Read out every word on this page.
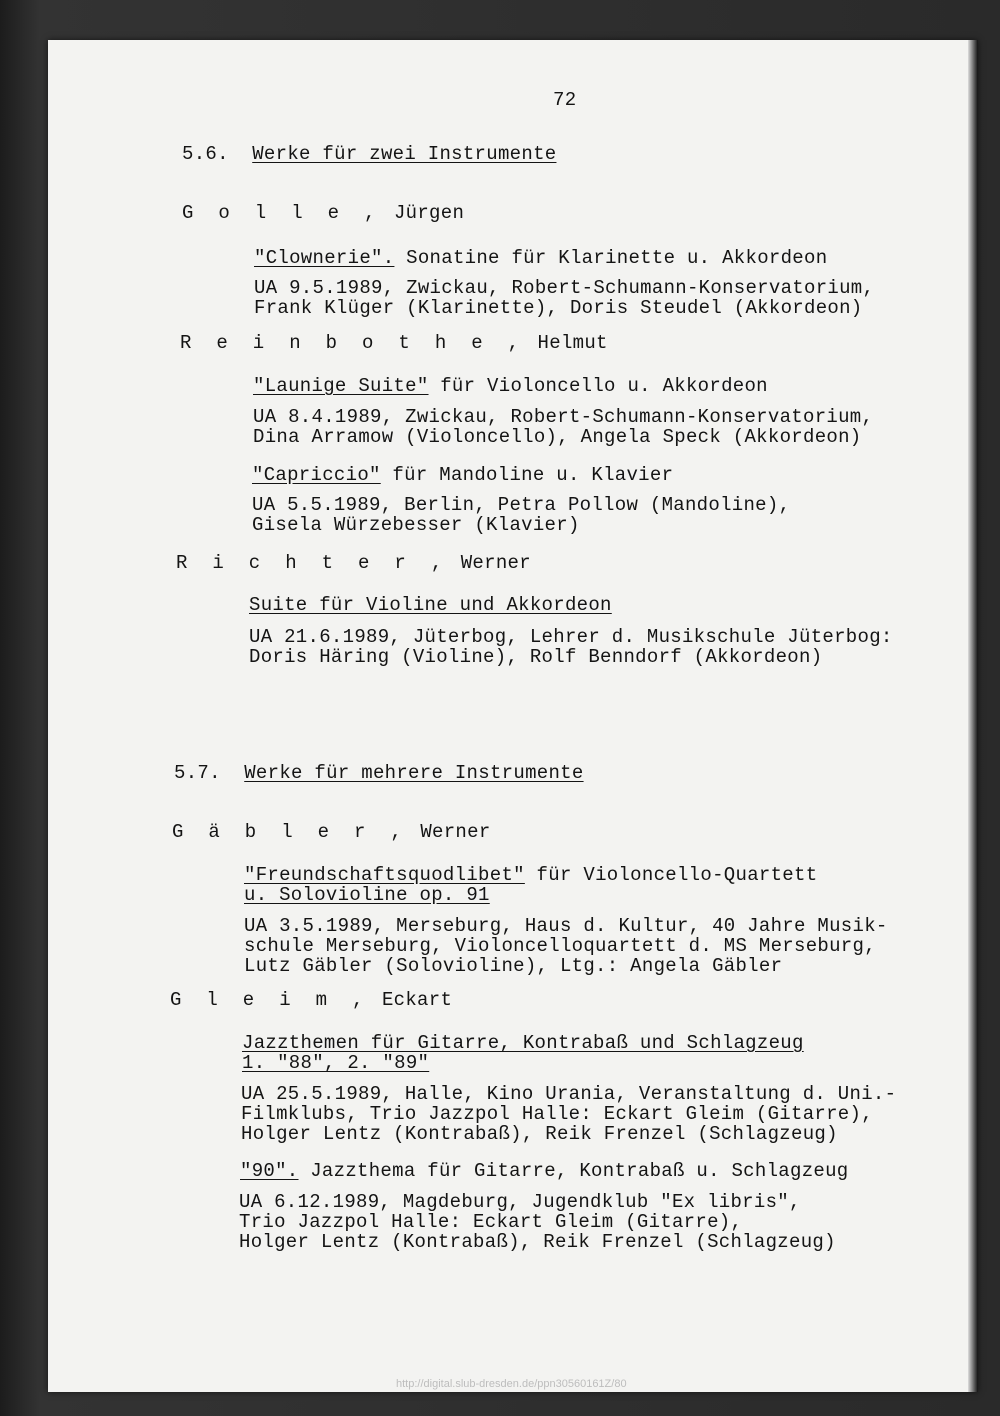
72
5.6. Werke für zwei Instrumente
G o l l e , Jürgen
"Clownerie". Sonatine für Klarinette u. Akkordeon
UA 9.5.1989, Zwickau, Robert-Schumann-Konservatorium,
Frank Klüger (Klarinette), Doris Steudel (Akkordeon)
R e i n b o t h e , Helmut
"Launige Suite" für Violoncello u. Akkordeon
UA 8.4.1989, Zwickau, Robert-Schumann-Konservatorium,
Dina Arramow (Violoncello), Angela Speck (Akkordeon)
"Capriccio" für Mandoline u. Klavier
UA 5.5.1989, Berlin, Petra Pollow (Mandoline),
Gisela Würzebesser (Klavier)
R i c h t e r , Werner
Suite für Violine und Akkordeon
UA 21.6.1989, Jüterbog, Lehrer d. Musikschule Jüterbog:
Doris Häring (Violine), Rolf Benndorf (Akkordeon)
5.7. Werke für mehrere Instrumente
G ä b l e r , Werner
"Freundschaftsquodlibet" für Violoncello-Quartett
u. Solovioline op. 91
UA 3.5.1989, Merseburg, Haus d. Kultur, 40 Jahre Musik-
schule Merseburg, Violoncelloquartett d. MS Merseburg,
Lutz Gäbler (Solovioline), Ltg.: Angela Gäbler
G l e i m , Eckart
Jazzthemen für Gitarre, Kontrabaß und Schlagzeug
1. "88", 2. "89"
UA 25.5.1989, Halle, Kino Urania, Veranstaltung d. Uni.-
Filmklubs, Trio Jazzpol Halle: Eckart Gleim (Gitarre),
Holger Lentz (Kontrabaß), Reik Frenzel (Schlagzeug)
"90". Jazzthema für Gitarre, Kontrabaß u. Schlagzeug
UA 6.12.1989, Magdeburg, Jugendklub "Ex libris",
Trio Jazzpol Halle: Eckart Gleim (Gitarre),
Holger Lentz (Kontrabaß), Reik Frenzel (Schlagzeug)
http://digital.slub-dresden.de/ppn30560161Z/80
